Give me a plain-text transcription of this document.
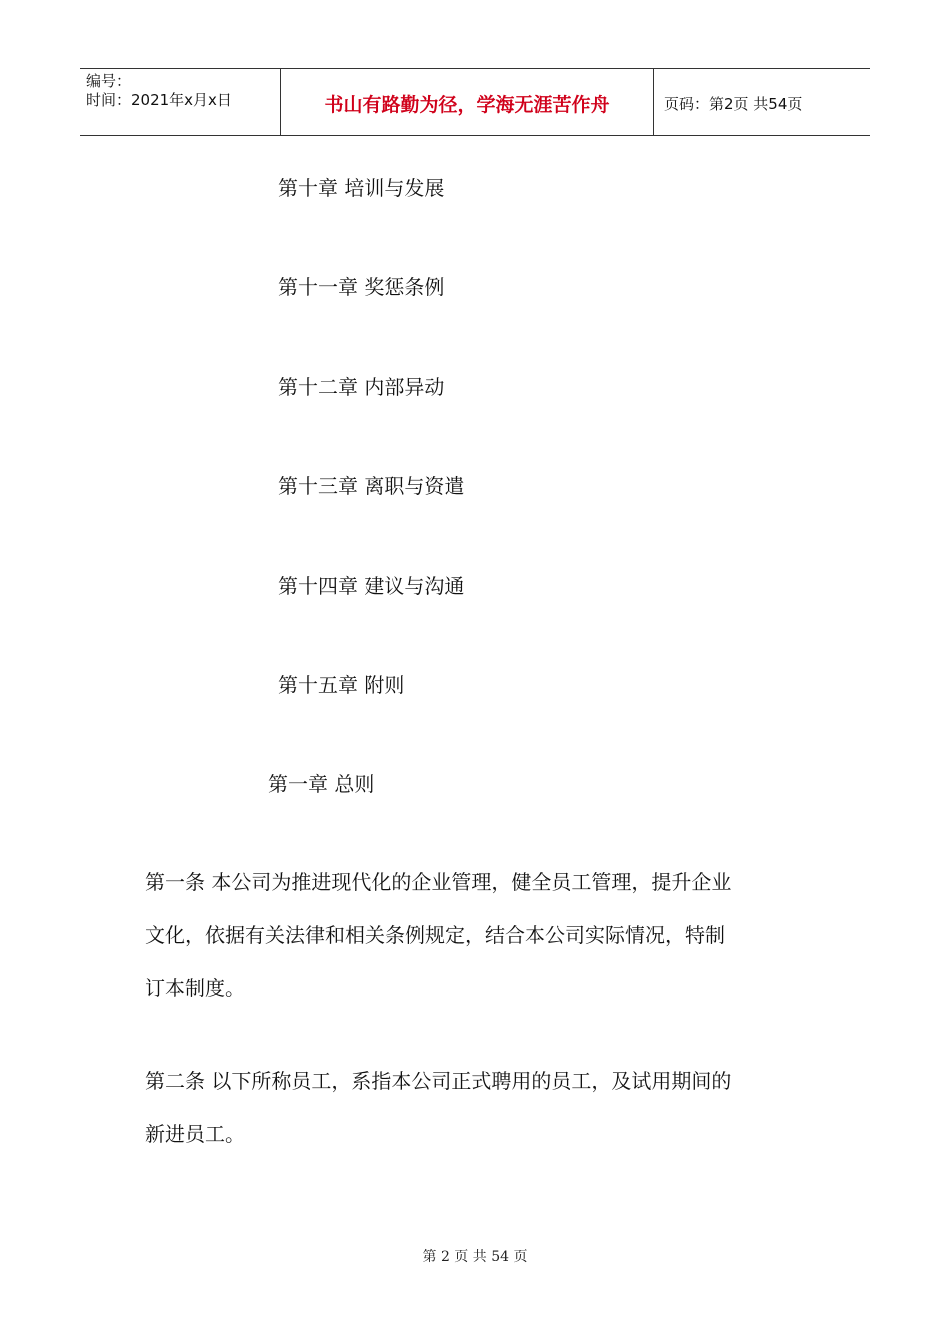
编号：
时间：2021年x月x日	书山有路勤为径，学海无涯苦作舟	页码：第2页 共54页
第十章 培训与发展
第十一章 奖惩条例
第十二章 内部异动
第十三章 离职与资遣
第十四章 建议与沟通
第十五章 附则
第一章 总则
第一条 本公司为推进现代化的企业管理，健全员工管理，提升企业
文化，依据有关法律和相关条例规定，结合本公司实际情况，特制
订本制度。
第二条 以下所称员工，系指本公司正式聘用的员工，及试用期间的
新进员工。
第 2 页 共 54 页
